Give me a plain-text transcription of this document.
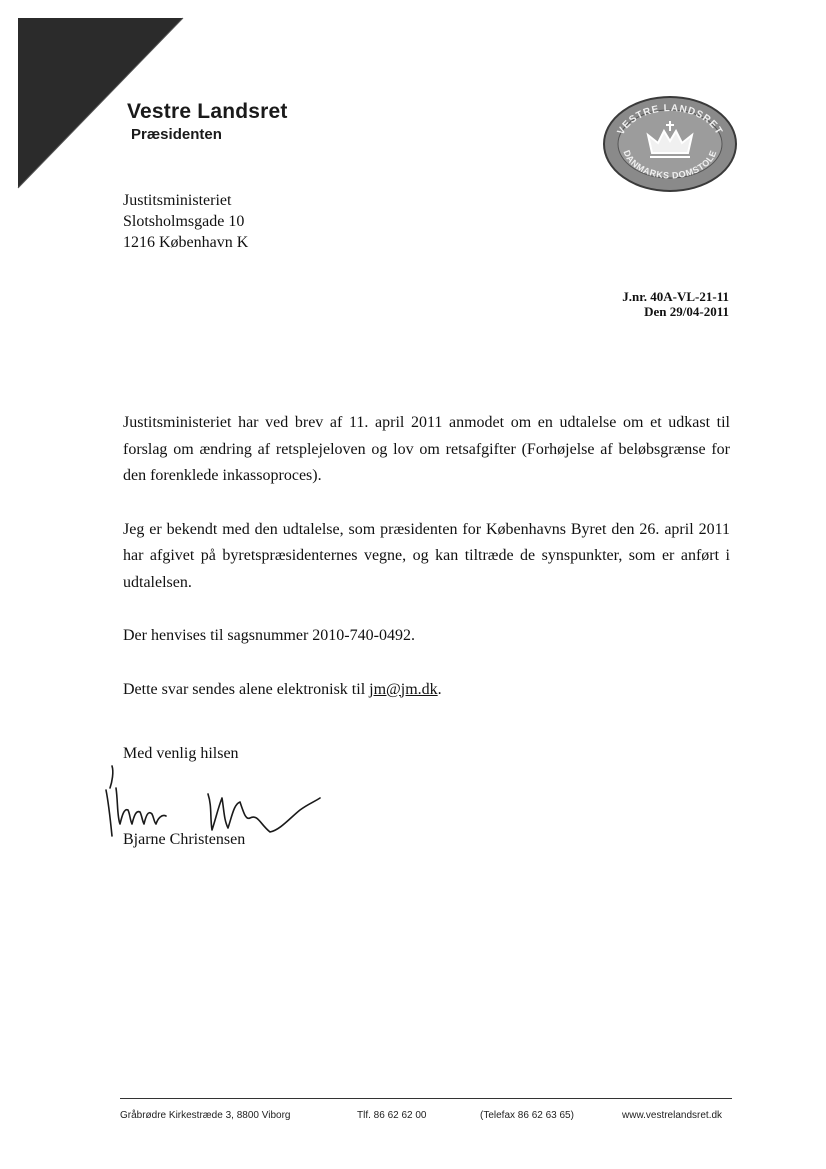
Vestre Landsret
Præsidenten	VESTRE LANDSRET
DANMARKS DOMSTOLE
Justitsministeriet
Slotsholmsgade 10
1216 København K
J.nr. 40A-VL-21-11
Den 29/04-2011

Justitsministeriet har ved brev af 11. april 2011 anmodet om en udtalelse om et udkast til forslag om ændring af retsplejeloven og lov om retsafgifter (Forhøjelse af beløbsgrænse for den forenklede inkassoproces).

Jeg er bekendt med den udtalelse, som præsidenten for Københavns Byret den 26. april 2011 har afgivet på byretspræsidenternes vegne, og kan tiltræde de synspunkter, som er anført i udtalelsen.

Der henvises til sagsnummer 2010-740-0492.

Dette svar sendes alene elektronisk til jm@jm.dk.

Med venlig hilsen
Bjarne Christensen
Gråbrødre Kirkestræde 3, 8800 Viborg	Tlf. 86 62 62 00	(Telefax 86 62 63 65)	www.vestrelandsret.dk
